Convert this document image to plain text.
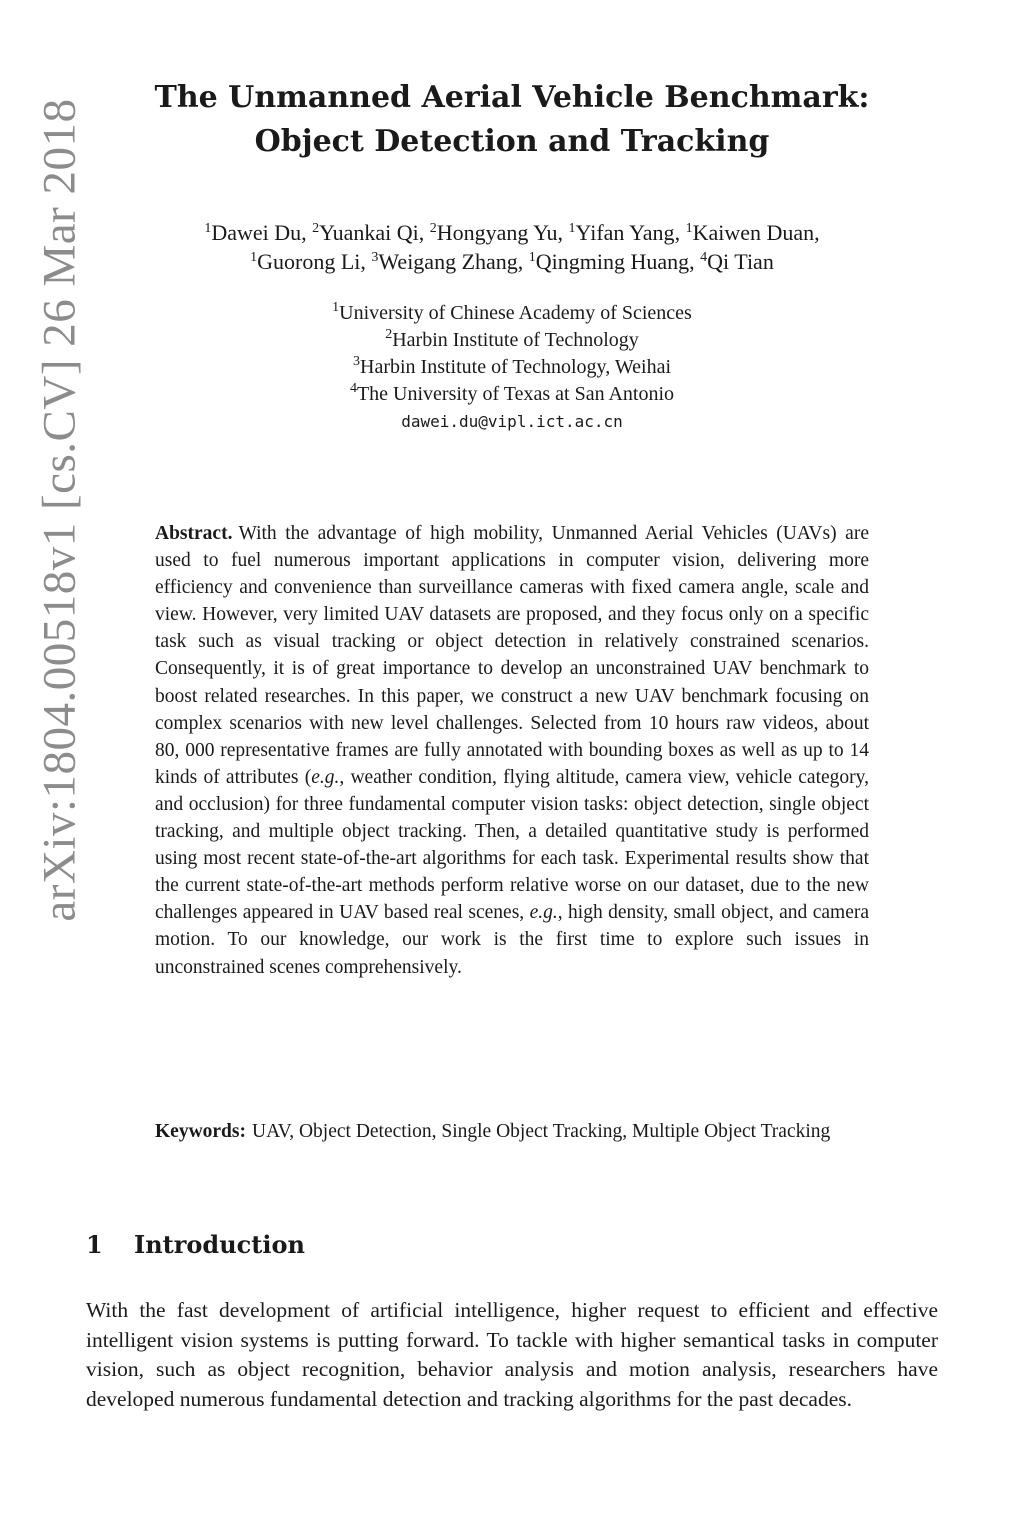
arXiv:1804.00518v1 [cs.CV] 26 Mar 2018
The Unmanned Aerial Vehicle Benchmark:
Object Detection and Tracking
$^1$Dawei Du, $^2$Yuankai Qi, $^2$Hongyang Yu, $^1$Yifan Yang, $^1$Kaiwen Duan,
$^1$Guorong Li, $^3$Weigang Zhang, $^1$Qingming Huang, $^4$Qi Tian
$^1$University of Chinese Academy of Sciences
$^2$Harbin Institute of Technology
$^3$Harbin Institute of Technology, Weihai
$^4$The University of Texas at San Antonio
dawei.du@vipl.ict.ac.cn
Abstract. With the advantage of high mobility, Unmanned Aerial Vehicles (UAVs) are used to fuel numerous important applications in computer vision, delivering more efficiency and convenience than surveillance cameras with fixed camera angle, scale and view. However, very limited UAV datasets are proposed, and they focus only on a specific task such as visual tracking or object detection in relatively constrained scenarios. Consequently, it is of great importance to develop an unconstrained UAV benchmark to boost related researches. In this paper, we construct a new UAV benchmark focusing on complex scenarios with new level challenges. Selected from 10 hours raw videos, about 80, 000 representative frames are fully annotated with bounding boxes as well as up to 14 kinds of attributes (e.g., weather condition, flying altitude, camera view, vehicle category, and occlusion) for three fundamental computer vision tasks: object detection, single object tracking, and multiple object tracking. Then, a detailed quantitative study is performed using most recent state-of-the-art algorithms for each task. Experimental results show that the current state-of-the-art methods perform relative worse on our dataset, due to the new challenges appeared in UAV based real scenes, e.g., high density, small object, and camera motion. To our knowledge, our work is the first time to explore such issues in unconstrained scenes comprehensively.
Keywords: UAV, Object Detection, Single Object Tracking, Multiple Object Tracking
1 Introduction
With the fast development of artificial intelligence, higher request to efficient and effective intelligent vision systems is putting forward. To tackle with higher semantical tasks in computer vision, such as object recognition, behavior analysis and motion analysis, researchers have developed numerous fundamental detection and tracking algorithms for the past decades.
